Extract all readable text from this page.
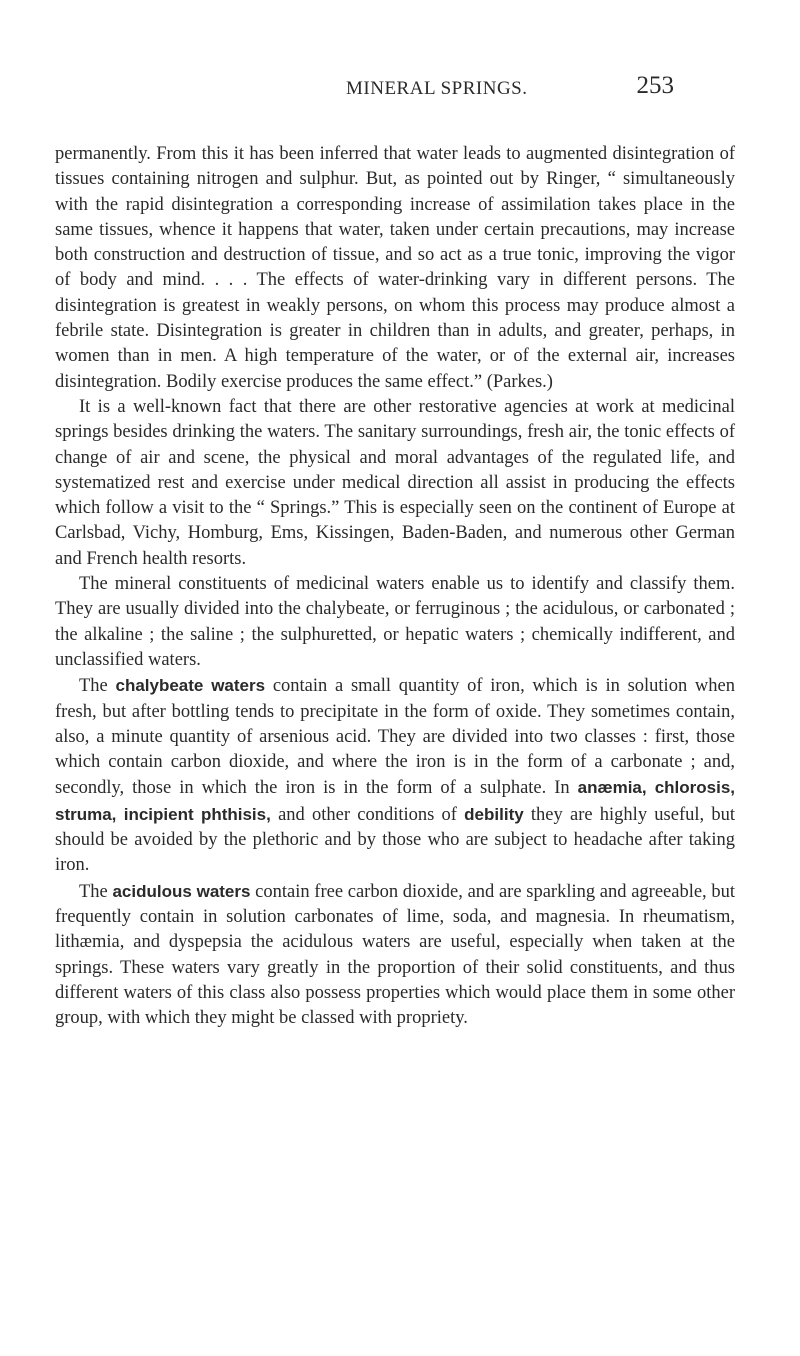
MINERAL SPRINGS.	253

permanently. From this it has been inferred that water leads to augmented disintegration of tissues containing nitrogen and sulphur. But, as pointed out by Ringer, “ simultaneously with the rapid disintegration a corresponding increase of assimilation takes place in the same tissues, whence it happens that water, taken under certain precautions, may increase both construction and destruction of tissue, and so act as a true tonic, improving the vigor of body and mind. . . . The effects of water-drinking vary in different persons. The disintegration is greatest in weakly persons, on whom this process may produce almost a febrile state. Disintegration is greater in children than in adults, and greater, perhaps, in women than in men. A high temperature of the water, or of the external air, increases disintegration. Bodily exercise produces the same effect.” (Parkes.)

It is a well-known fact that there are other restorative agencies at work at medicinal springs besides drinking the waters. The sanitary surroundings, fresh air, the tonic effects of change of air and scene, the physical and moral advantages of the regulated life, and systematized rest and exercise under medical direction all assist in producing the effects which follow a visit to the “ Springs.” This is especially seen on the continent of Europe at Carlsbad, Vichy, Homburg, Ems, Kissingen, Baden-Baden, and numerous other German and French health resorts.

The mineral constituents of medicinal waters enable us to identify and classify them. They are usually divided into the chalybeate, or ferruginous ; the acidulous, or carbonated ; the alkaline ; the saline ; the sulphuretted, or hepatic waters ; chemically indifferent, and unclassified waters.

The chalybeate waters contain a small quantity of iron, which is in solution when fresh, but after bottling tends to precipitate in the form of oxide. They sometimes contain, also, a minute quantity of arsenious acid. They are divided into two classes : first, those which contain carbon dioxide, and where the iron is in the form of a carbonate ; and, secondly, those in which the iron is in the form of a sulphate. In anæmia, chlorosis, struma, incipient phthisis, and other conditions of debility they are highly useful, but should be avoided by the plethoric and by those who are subject to headache after taking iron.

The acidulous waters contain free carbon dioxide, and are sparkling and agreeable, but frequently contain in solution carbonates of lime, soda, and magnesia. In rheumatism, lithæmia, and dyspepsia the acidulous waters are useful, especially when taken at the springs. These waters vary greatly in the proportion of their solid constituents, and thus different waters of this class also possess properties which would place them in some other group, with which they might be classed with propriety.
